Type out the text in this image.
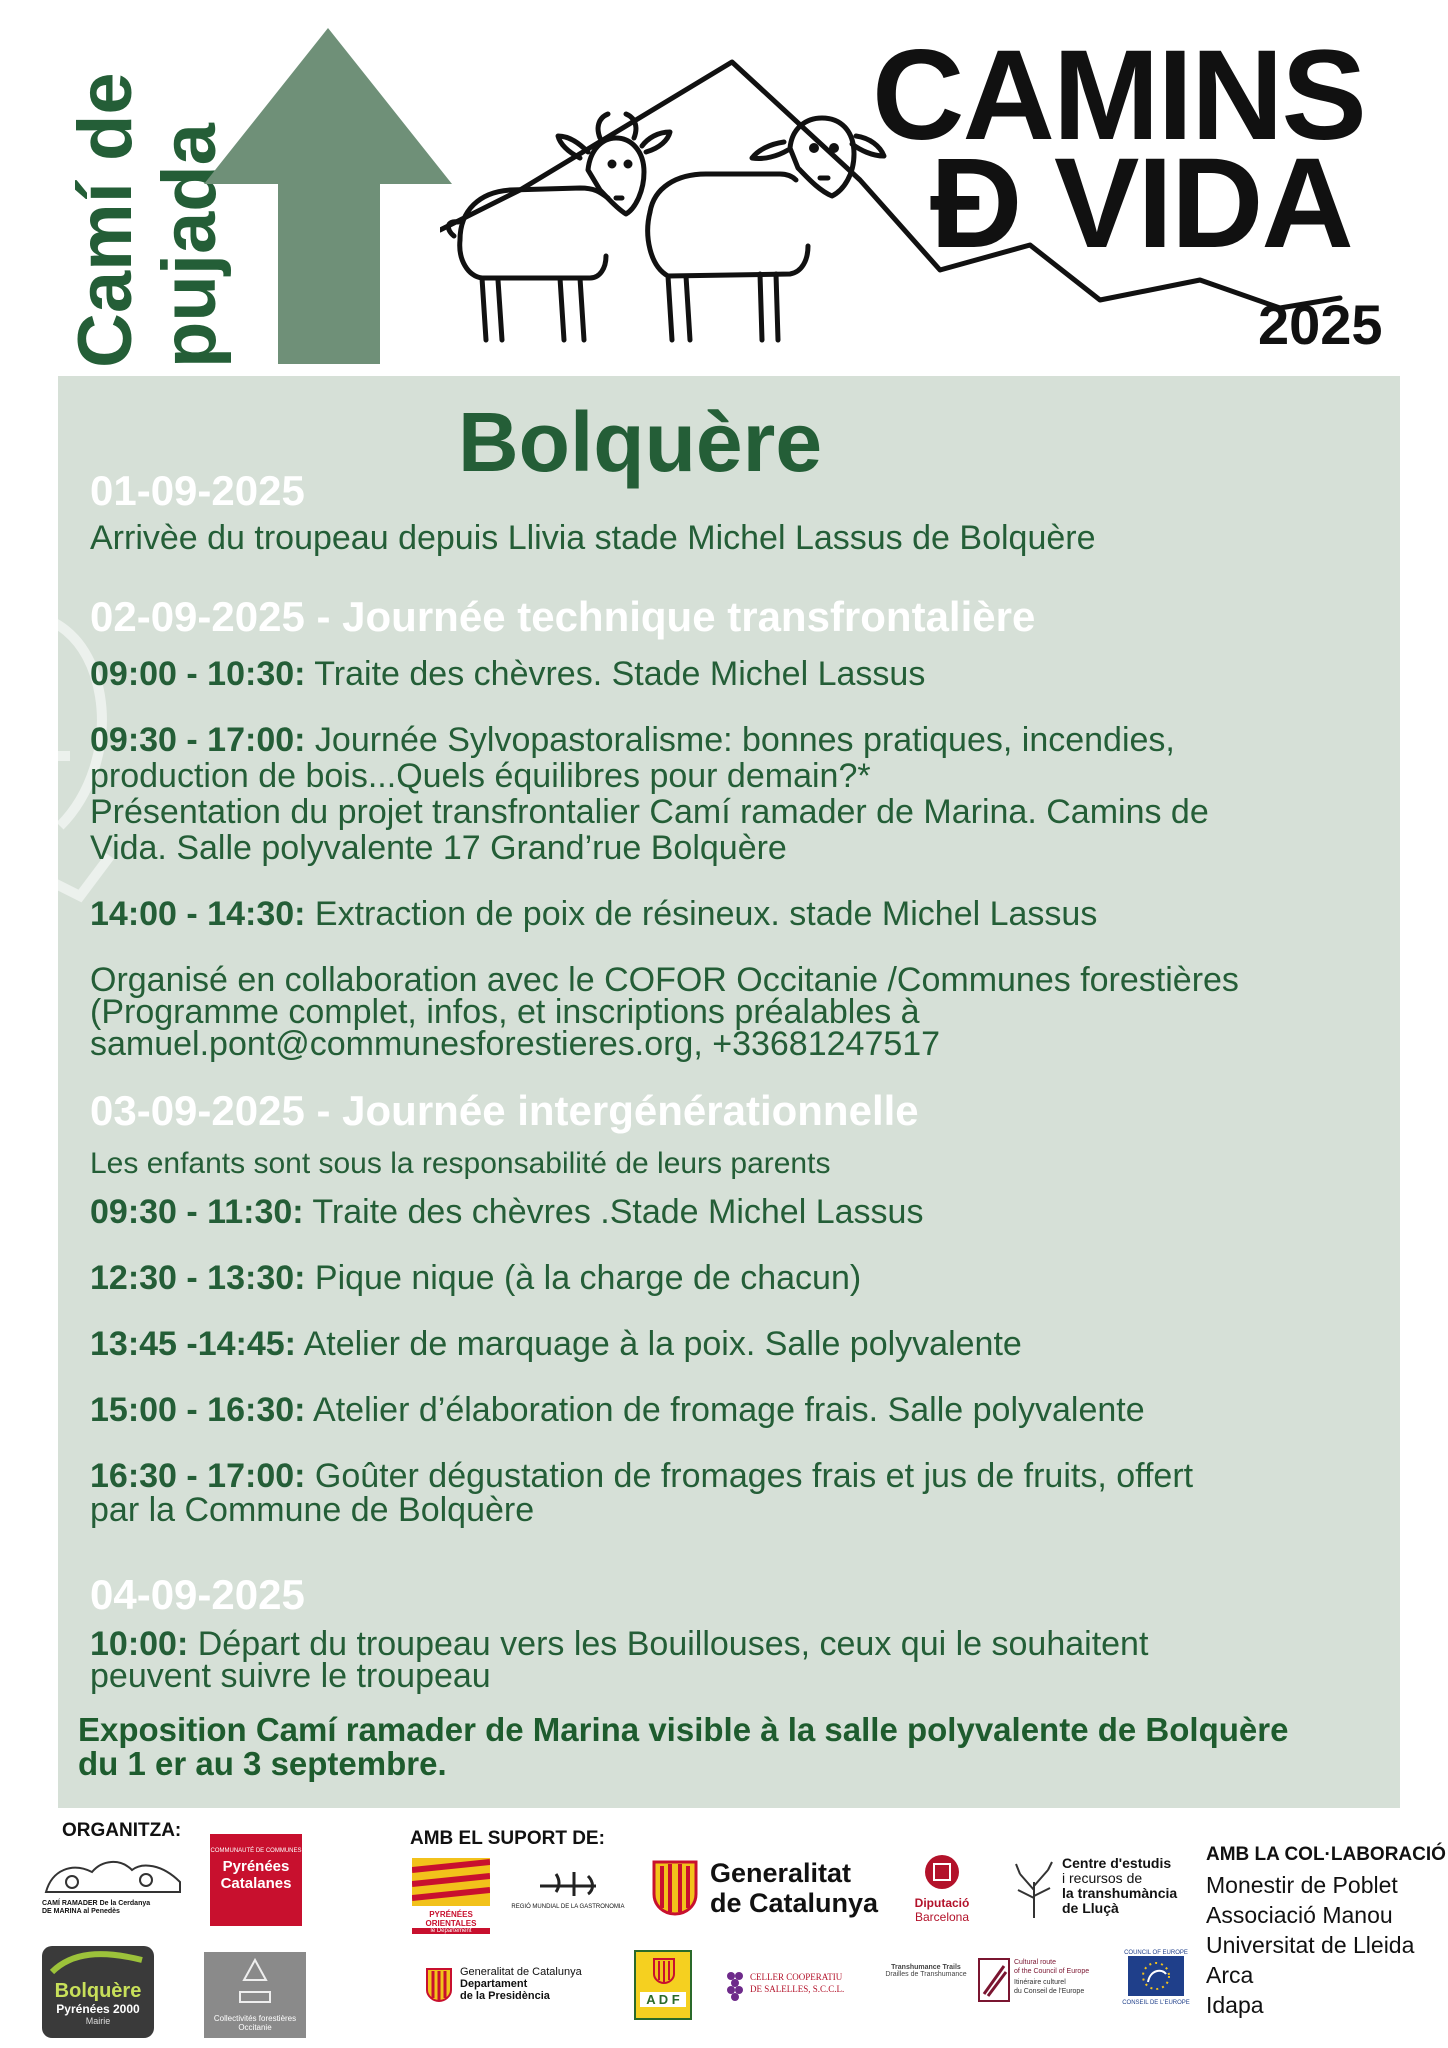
Camí de pujada
CAMINS
Đ VIDA
2025
Bolquère
01-09-2025
Arrivèe du troupeau depuis Llivia stade Michel Lassus de Bolquère
02-09-2025 - Journée technique transfrontalière
09:00 - 10:30: Traite des chèvres. Stade Michel Lassus
09:30 - 17:00: Journée Sylvopastoralisme: bonnes pratiques, incendies,
production de bois...Quels équilibres pour demain?*
Présentation du projet transfrontalier Camí ramader de Marina. Camins de
Vida. Salle polyvalente 17 Grand’rue Bolquère
14:00 - 14:30: Extraction de poix de résineux. stade Michel Lassus
Organisé en collaboration avec le COFOR Occitanie /Communes forestières
(Programme complet, infos, et inscriptions préalables à
samuel.pont@communesforestieres.org, +33681247517
03-09-2025 - Journée intergénérationnelle
Les enfants sont sous la responsabilité de leurs parents
09:30 - 11:30: Traite des chèvres .Stade Michel Lassus
12:30 - 13:30: Pique nique (à la charge de chacun)
13:45 -14:45: Atelier de marquage à la poix. Salle polyvalente
15:00 - 16:30: Atelier d’élaboration de fromage frais. Salle polyvalente
16:30 - 17:00: Goûter dégustation de fromages frais et jus de fruits, offert
par la Commune de Bolquère
04-09-2025
10:00: Départ du troupeau vers les Bouillouses, ceux qui le souhaitent
peuvent suivre le troupeau
Exposition Camí ramader de Marina visible à la salle polyvalente de Bolquère
du 1 er au 3 septembre.
ORGANITZA:	AMB EL SUPORT DE:
CAMÍ RAMADER De la Cerdanya
DE MARINA al Penedès
COMMUNAUTÉ DE COMMUNES
Pyrénées
Catalanes
Bolquère
Pyrénées 2000
Mairie	Collectivités forestières
Occitanie
PYRÉNÉES
ORIENTALES
le Département
REGIÓ MUNDIAL DE LA GASTRONOMIA
Generalitat
de Catalunya	Diputació
Barcelona
Centre d'estudis
i recursos de
la transhumància
de Lluçà
Generalitat de Catalunya
Departament
de la Presidència	A D F
CELLER COOPERATIU
DE SALELLES, S.C.C.L.
Transhumance Trails
Drailles de Transhumance
Cultural route
of the Council of Europe
Itinéraire culturel
du Conseil de l'Europe
COUNCIL OF EUROPE
CONSEIL DE L'EUROPE
AMB LA COL·LABORACIÓ
Monestir de Poblet
Associació Manou
Universitat de Lleida
Arca
Idapa
